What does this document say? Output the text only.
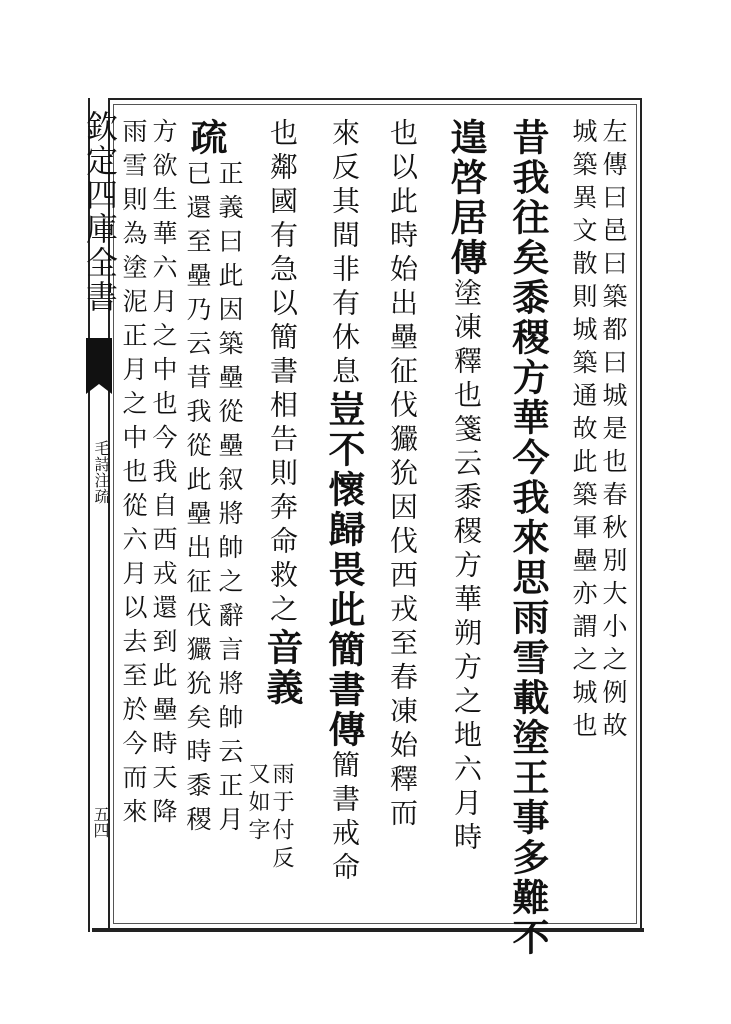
欽定四庫全書
毛詩注疏
五四
左傳曰邑曰築都曰城是也春秋別大小之例故
城築異文散則城築通故此築軍壘亦謂之城也
昔我往矣黍稷方華今我來思雨雪載塗王事多難不
遑啓居傳塗凍釋也箋云黍稷方華朔方之地六月時
也以此時始出壘征伐玁狁因伐西戎至春凍始釋而
來反其間非有休息豈不懷歸畏此簡書傳簡書戒命
也鄰國有急以簡書相告則奔命救之音義
雨于付反
又如字
疏
正義曰此因築壘從壘叙將帥之辭言將帥云正月
已還至壘乃云昔我從此壘出征伐玁狁矣時黍稷
方欲生華六月之中也今我自西戎還到此壘時天降
雨雪則為塗泥正月之中也從六月以去至於今而來
